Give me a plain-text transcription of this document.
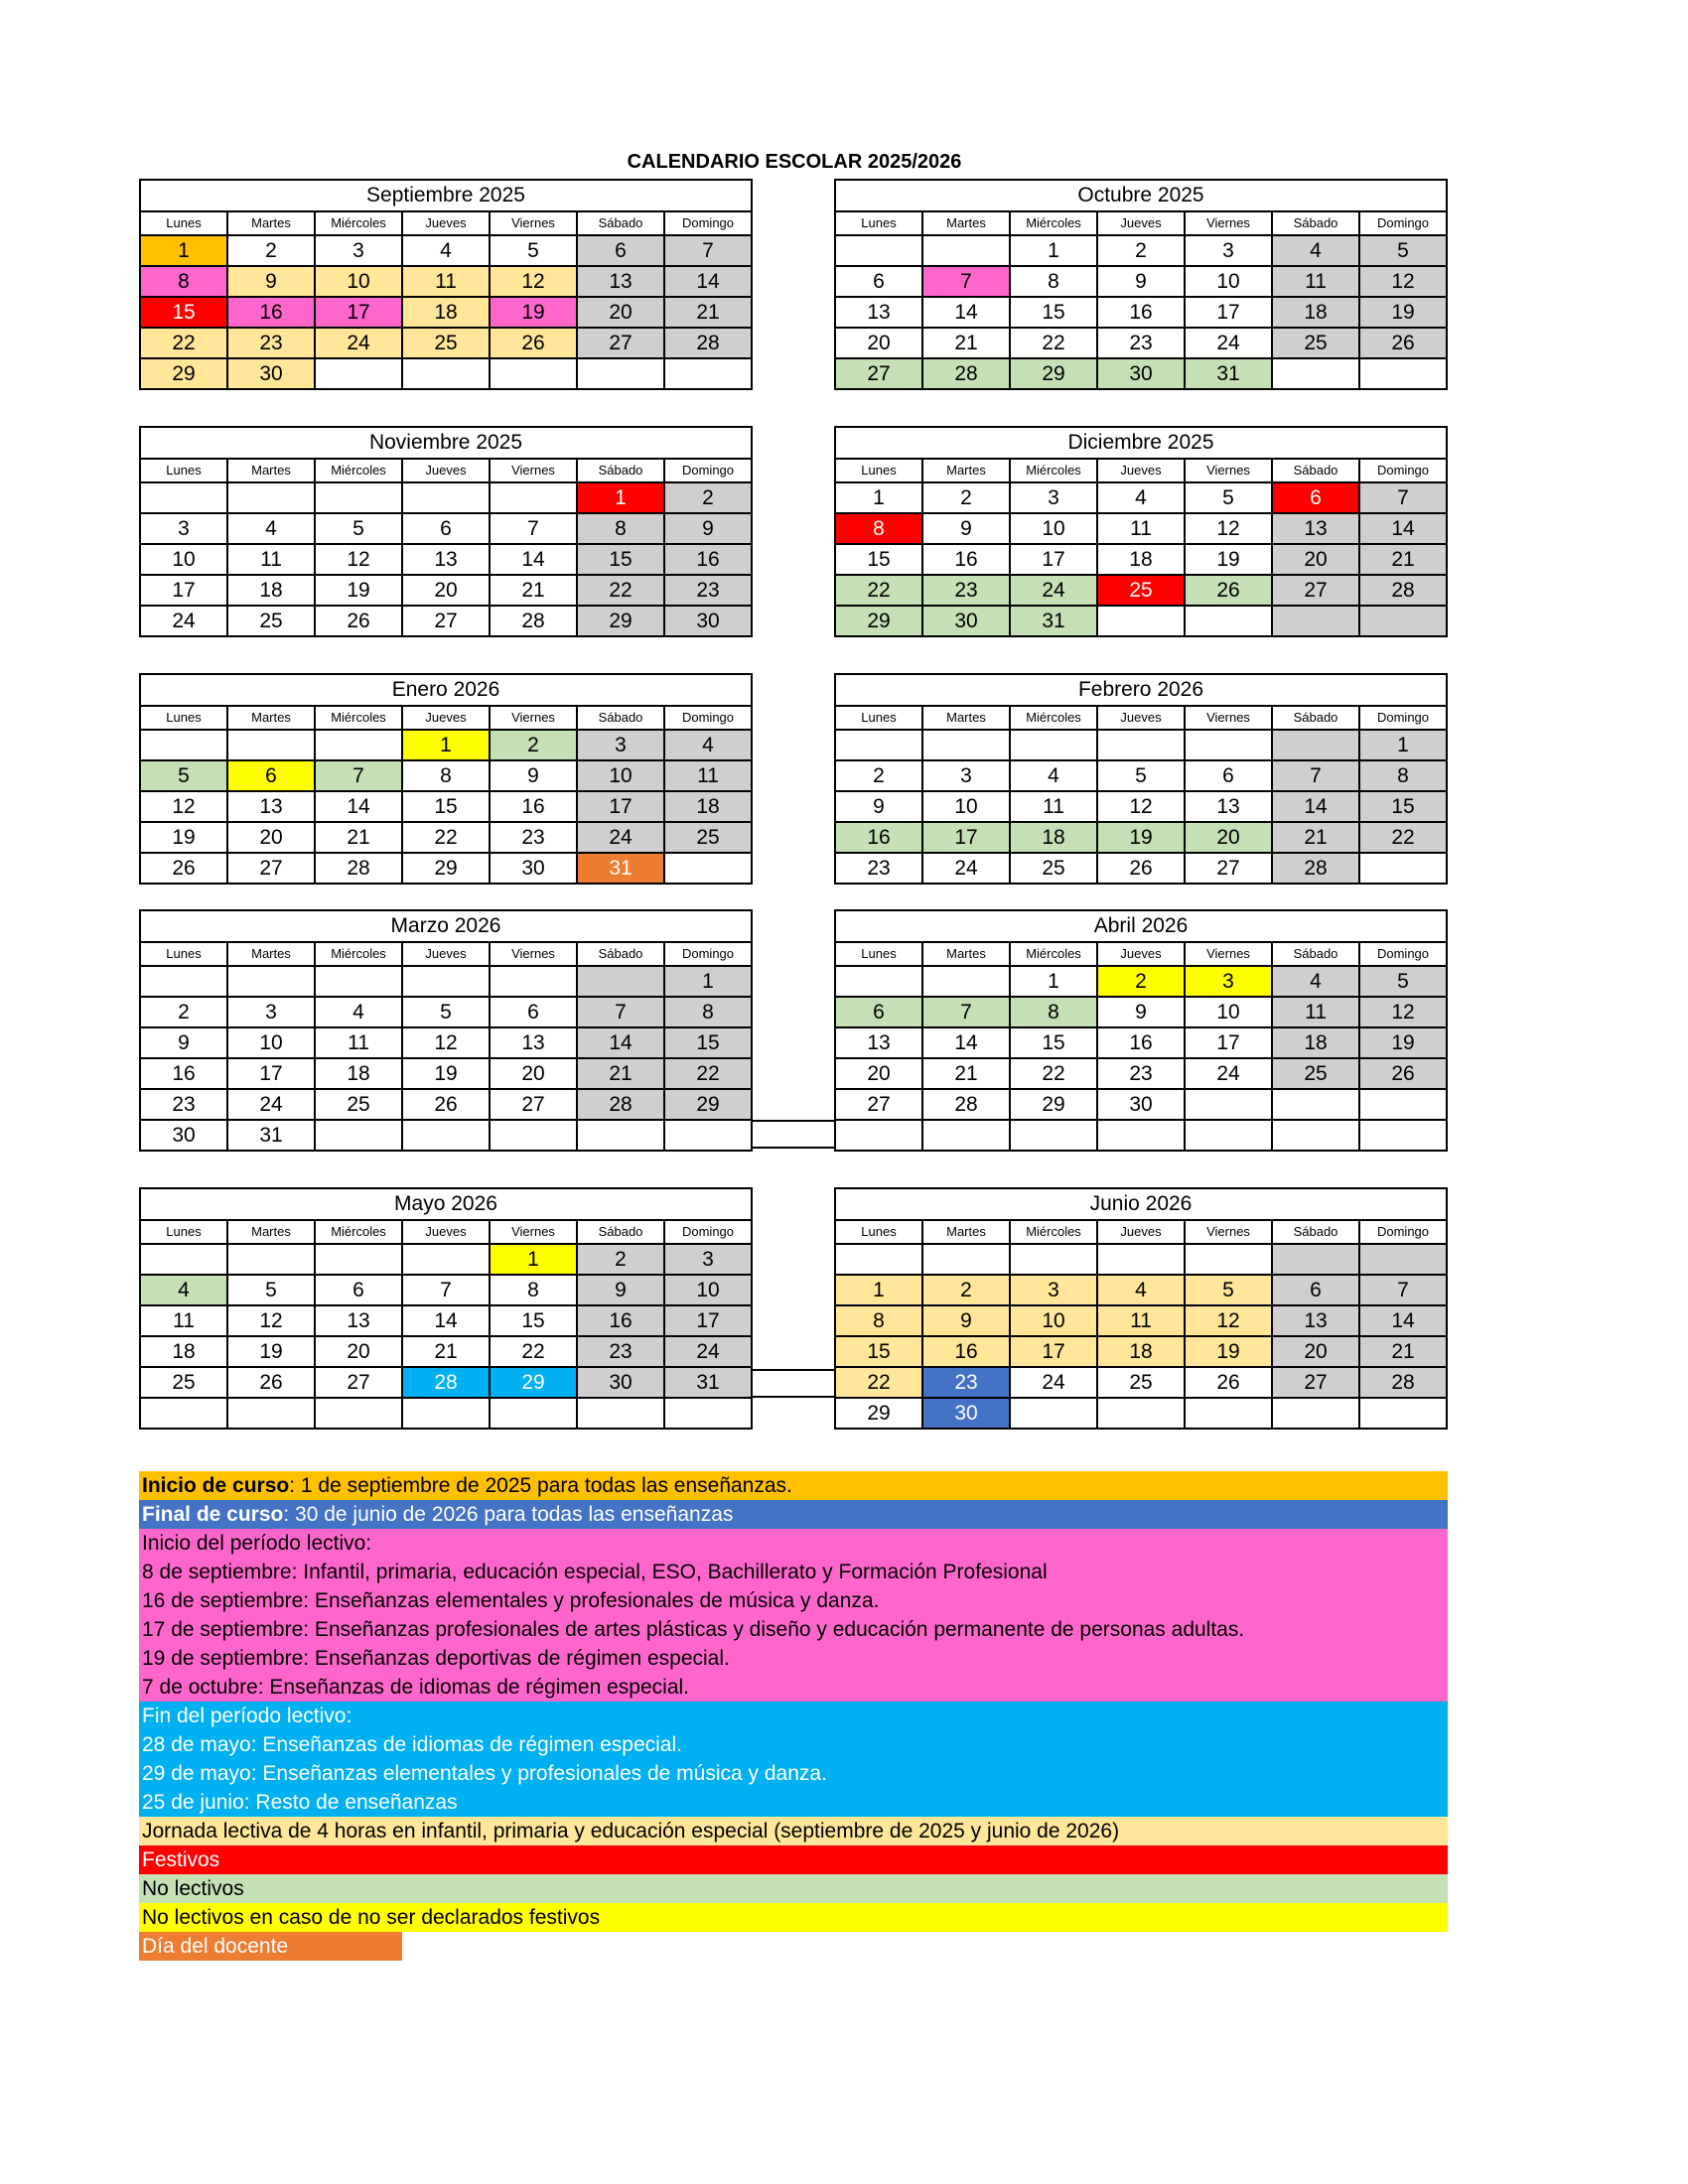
CALENDARIO ESCOLAR 2025/2026
Septiembre 2025						
Lunes	Martes	Miércoles	Jueves	Viernes	Sábado	Domingo
1	2	3	4	5	6	7
8	9	10	11	12	13	14
15	16	17	18	19	20	21
22	23	24	25	26	27	28
29	30					
Octubre 2025						
Lunes	Martes	Miércoles	Jueves	Viernes	Sábado	Domingo
		1	2	3	4	5
6	7	8	9	10	11	12
13	14	15	16	17	18	19
20	21	22	23	24	25	26
27	28	29	30	31		
Noviembre 2025						
Lunes	Martes	Miércoles	Jueves	Viernes	Sábado	Domingo
					1	2
3	4	5	6	7	8	9
10	11	12	13	14	15	16
17	18	19	20	21	22	23
24	25	26	27	28	29	30
Diciembre 2025						
Lunes	Martes	Miércoles	Jueves	Viernes	Sábado	Domingo
1	2	3	4	5	6	7
8	9	10	11	12	13	14
15	16	17	18	19	20	21
22	23	24	25	26	27	28
29	30	31				
Enero 2026						
Lunes	Martes	Miércoles	Jueves	Viernes	Sábado	Domingo
			1	2	3	4
5	6	7	8	9	10	11
12	13	14	15	16	17	18
19	20	21	22	23	24	25
26	27	28	29	30	31	
Febrero 2026						
Lunes	Martes	Miércoles	Jueves	Viernes	Sábado	Domingo
						1
2	3	4	5	6	7	8
9	10	11	12	13	14	15
16	17	18	19	20	21	22
23	24	25	26	27	28	
Marzo 2026						
Lunes	Martes	Miércoles	Jueves	Viernes	Sábado	Domingo
						1
2	3	4	5	6	7	8
9	10	11	12	13	14	15
16	17	18	19	20	21	22
23	24	25	26	27	28	29
30	31					
Abril 2026						
Lunes	Martes	Miércoles	Jueves	Viernes	Sábado	Domingo
		1	2	3	4	5
6	7	8	9	10	11	12
13	14	15	16	17	18	19
20	21	22	23	24	25	26
27	28	29	30			

Mayo 2026						
Lunes	Martes	Miércoles	Jueves	Viernes	Sábado	Domingo
				1	2	3
4	5	6	7	8	9	10
11	12	13	14	15	16	17
18	19	20	21	22	23	24
25	26	27	28	29	30	31

Junio 2026						
Lunes	Martes	Miércoles	Jueves	Viernes	Sábado	Domingo

1	2	3	4	5	6	7
8	9	10	11	12	13	14
15	16	17	18	19	20	21
22	23	24	25	26	27	28
29	30					
Inicio de curso: 1 de septiembre de 2025 para todas las enseñanzas.
Final de curso: 30 de junio de 2026 para todas las enseñanzas
Inicio del período lectivo:
8 de septiembre: Infantil, primaria, educación especial, ESO, Bachillerato y Formación Profesional
16 de septiembre: Enseñanzas elementales y profesionales de música y danza.
17 de septiembre: Enseñanzas profesionales de artes plásticas y diseño y educación permanente de personas adultas.
19 de septiembre: Enseñanzas deportivas de régimen especial.
7 de octubre: Enseñanzas de idiomas de régimen especial.
Fin del período lectivo:
28 de mayo: Enseñanzas de idiomas de régimen especial.
29 de mayo: Enseñanzas elementales y profesionales de música y danza.
25 de junio: Resto de enseñanzas
Jornada lectiva de 4 horas en infantil, primaria y educación especial (septiembre de 2025 y junio de 2026)
Festivos
No lectivos
No lectivos en caso de no ser declarados festivos
Día del docente
